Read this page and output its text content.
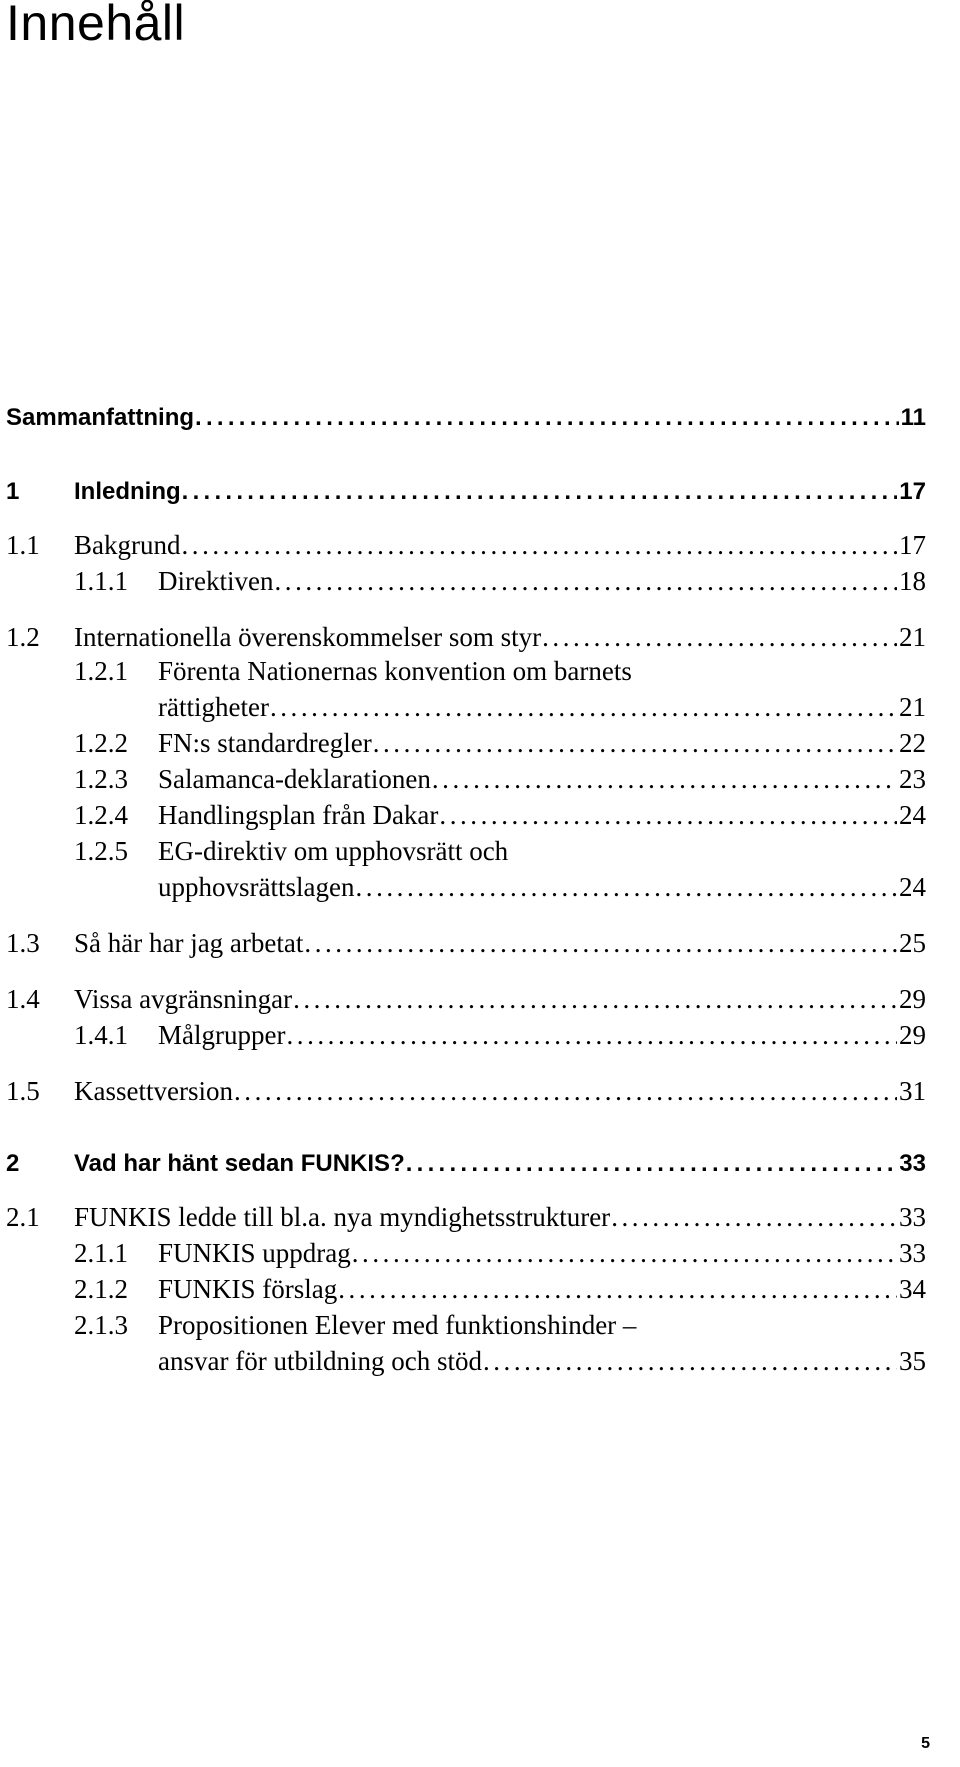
Innehåll
Sammanfattning . . .	11
1	Inledning . . .	17
1.1	Bakgrund . . .	17
1.1.1	Direktiven . . .	18
1.2	Internationella överenskommelser som styr . . .	21
1.2.1 Förenta Nationernas konvention om barnets
rättigheter . . .	21
1.2.2	FN:s standardregler . . .	22
1.2.3	Salamanca-deklarationen . . .	23
1.2.4	Handlingsplan från Dakar . . .	24
1.2.5 EG-direktiv om upphovsrätt och
upphovsrättslagen . . .	24
1.3	Så här har jag arbetat . . .	25
1.4	Vissa avgränsningar . . .	29
1.4.1	Målgrupper . . .	29
1.5	Kassettversion . . .	31
2	Vad har hänt sedan FUNKIS? . . .	33
2.1	FUNKIS ledde till bl.a. nya myndighetsstrukturer . . .	33
2.1.1	FUNKIS uppdrag . . .	33
2.1.2	FUNKIS förslag . . .	34
2.1.3 Propositionen Elever med funktionshinder –
ansvar för utbildning och stöd . . .	35
5
